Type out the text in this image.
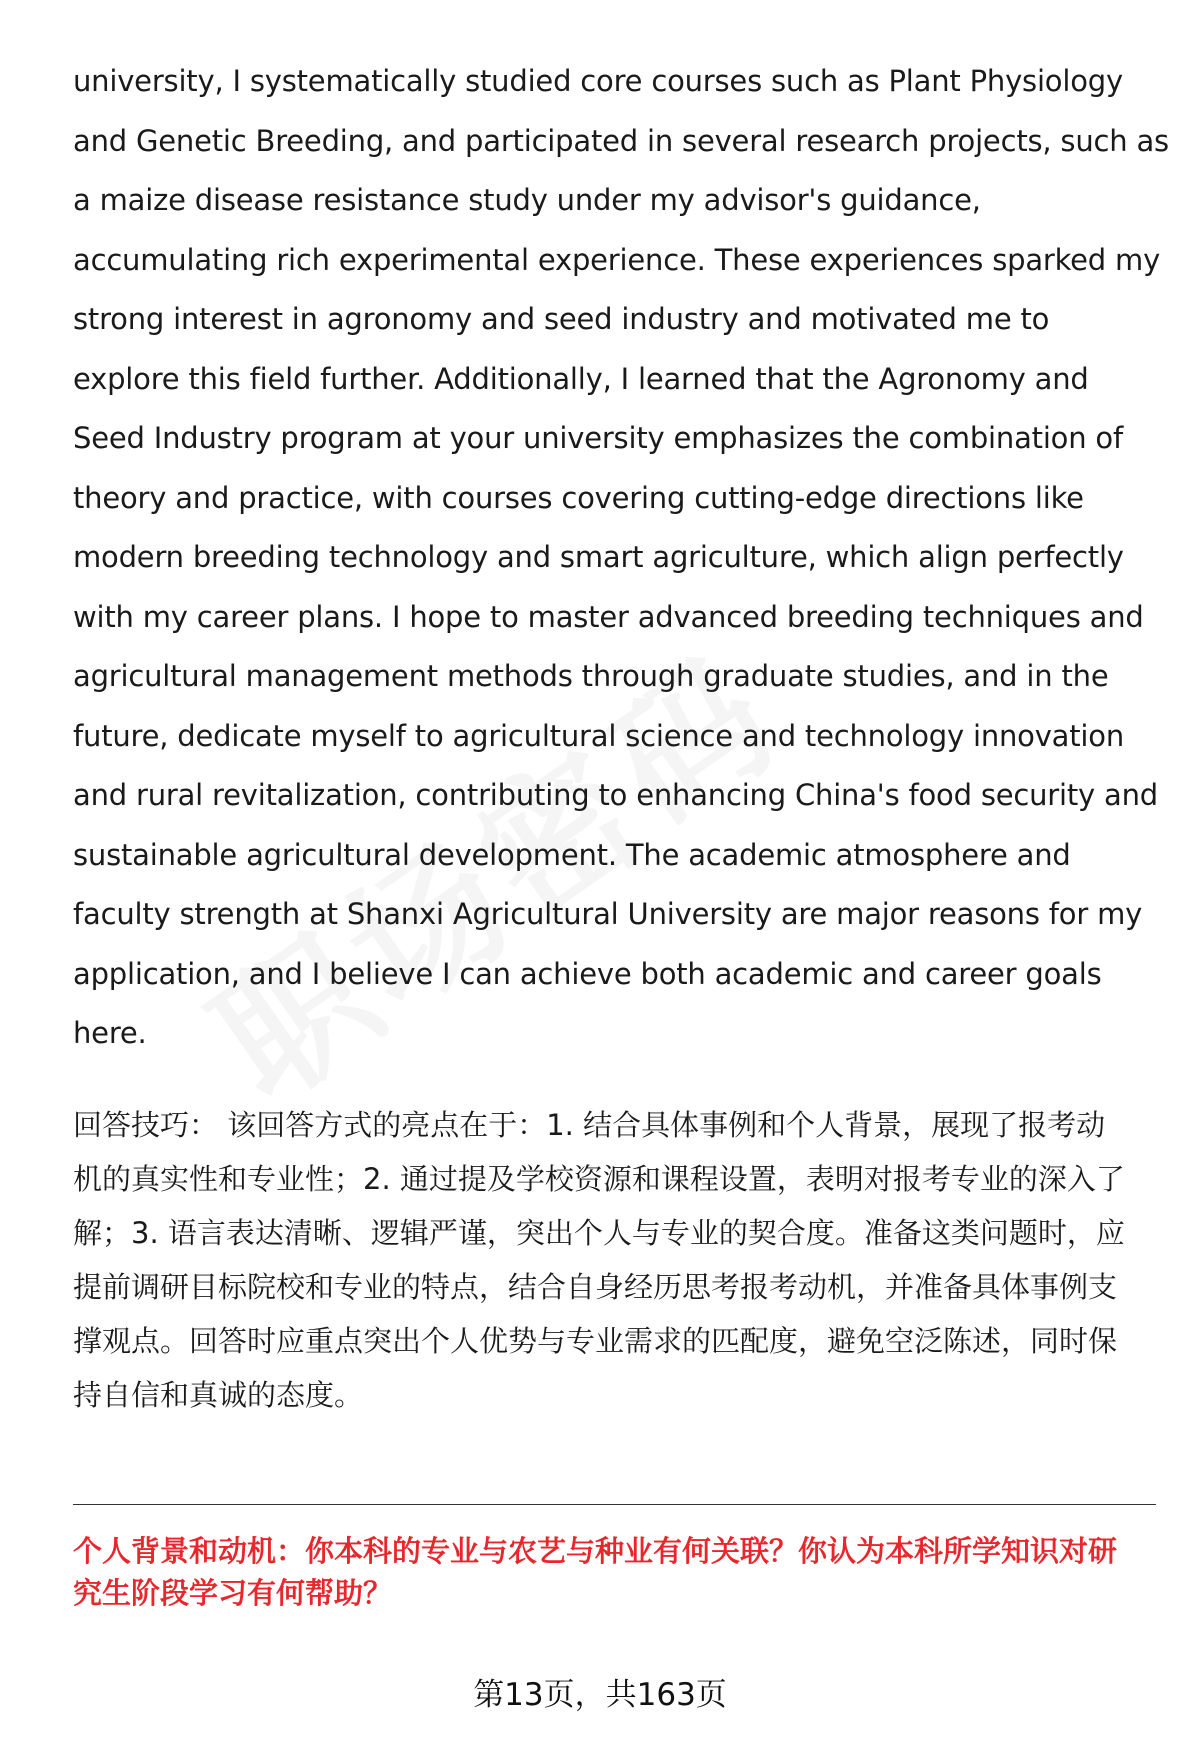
university, I systematically studied core courses such as Plant Physiology
and Genetic Breeding, and participated in several research projects, such as
a maize disease resistance study under my advisor's guidance,
accumulating rich experimental experience. These experiences sparked my
strong interest in agronomy and seed industry and motivated me to
explore this field further. Additionally, I learned that the Agronomy and
Seed Industry program at your university emphasizes the combination of
theory and practice, with courses covering cutting-edge directions like
modern breeding technology and smart agriculture, which align perfectly
with my career plans. I hope to master advanced breeding techniques and
agricultural management methods through graduate studies, and in the
future, dedicate myself to agricultural science and technology innovation
and rural revitalization, contributing to enhancing China's food security and
sustainable agricultural development. The academic atmosphere and
faculty strength at Shanxi Agricultural University are major reasons for my
application, and I believe I can achieve both academic and career goals
here.

回答技巧： 该回答方式的亮点在于：1. 结合具体事例和个人背景，展现了报考动
机的真实性和专业性；2. 通过提及学校资源和课程设置，表明对报考专业的深入了
解；3. 语言表达清晰、逻辑严谨，突出个人与专业的契合度。准备这类问题时，应
提前调研目标院校和专业的特点，结合自身经历思考报考动机，并准备具体事例支
撑观点。回答时应重点突出个人优势与专业需求的匹配度，避免空泛陈述，同时保
持自信和真诚的态度。
个人背景和动机：你本科的专业与农艺与种业有何关联？你认为本科所学知识对研
究生阶段学习有何帮助？
第13页，共163页
